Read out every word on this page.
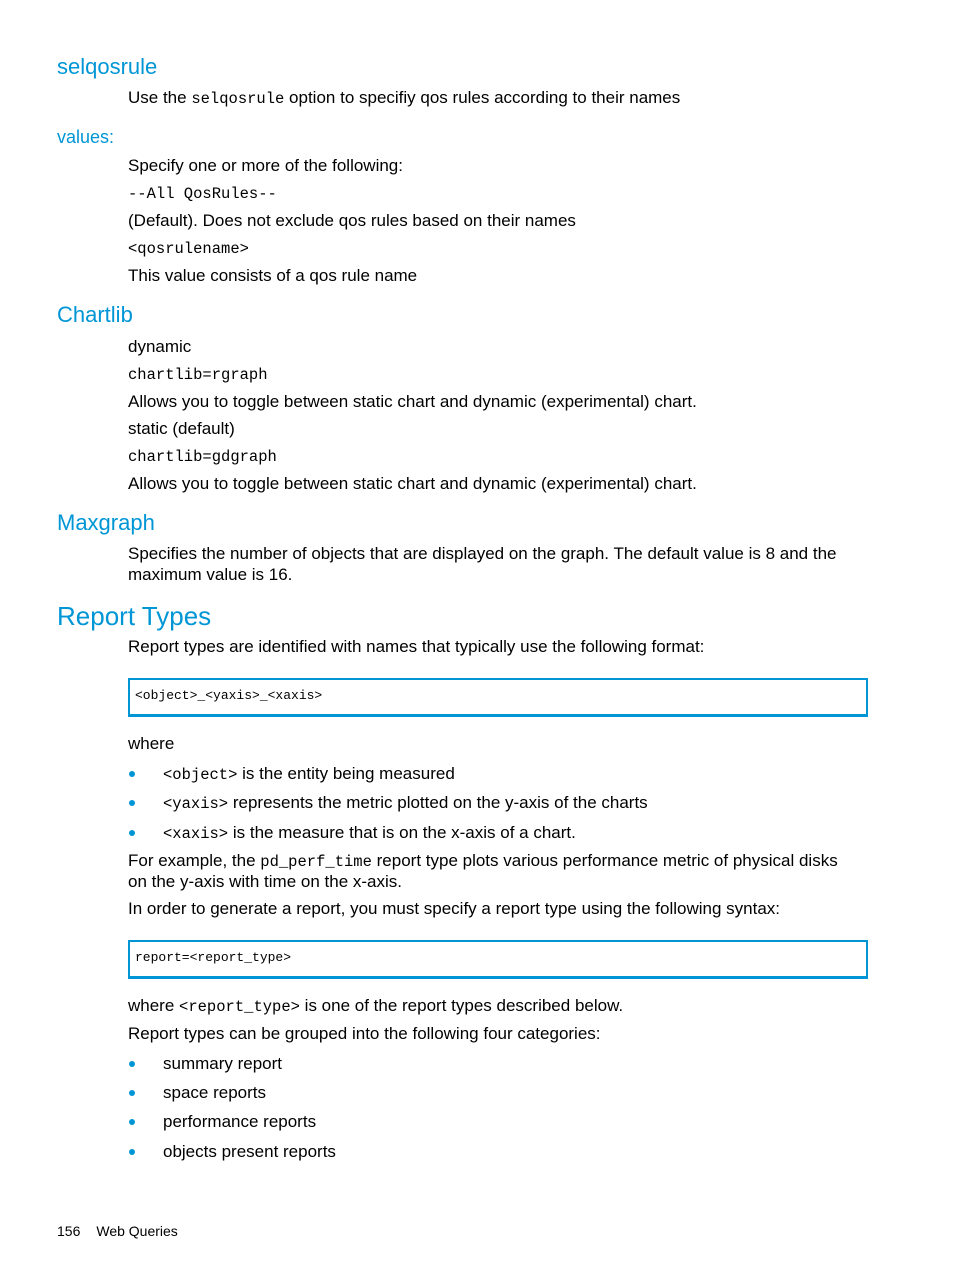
selqosrule
Use the selqosrule option to specifiy qos rules according to their names
values:
Specify one or more of the following:
--All QosRules--
(Default). Does not exclude qos rules based on their names
<qosrulename>
This value consists of a qos rule name
Chartlib
dynamic
chartlib=rgraph
Allows you to toggle between static chart and dynamic (experimental) chart.
static (default)
chartlib=gdgraph
Allows you to toggle between static chart and dynamic (experimental) chart.
Maxgraph
Specifies the number of objects that are displayed on the graph. The default value is 8 and the
maximum value is 16.
Report Types
Report types are identified with names that typically use the following format:
<object>_<yaxis>_<xaxis>
where
<object> is the entity being measured
<yaxis> represents the metric plotted on the y-axis of the charts
<xaxis> is the measure that is on the x-axis of a chart.
For example, the pd_perf_time report type plots various performance metric of physical disks
on the y-axis with time on the x-axis.
In order to generate a report, you must specify a report type using the following syntax:
report=<report_type>
where <report_type> is one of the report types described below.
Report types can be grouped into the following four categories:
summary report
space reports
performance reports
objects present reports
156 Web Queries
